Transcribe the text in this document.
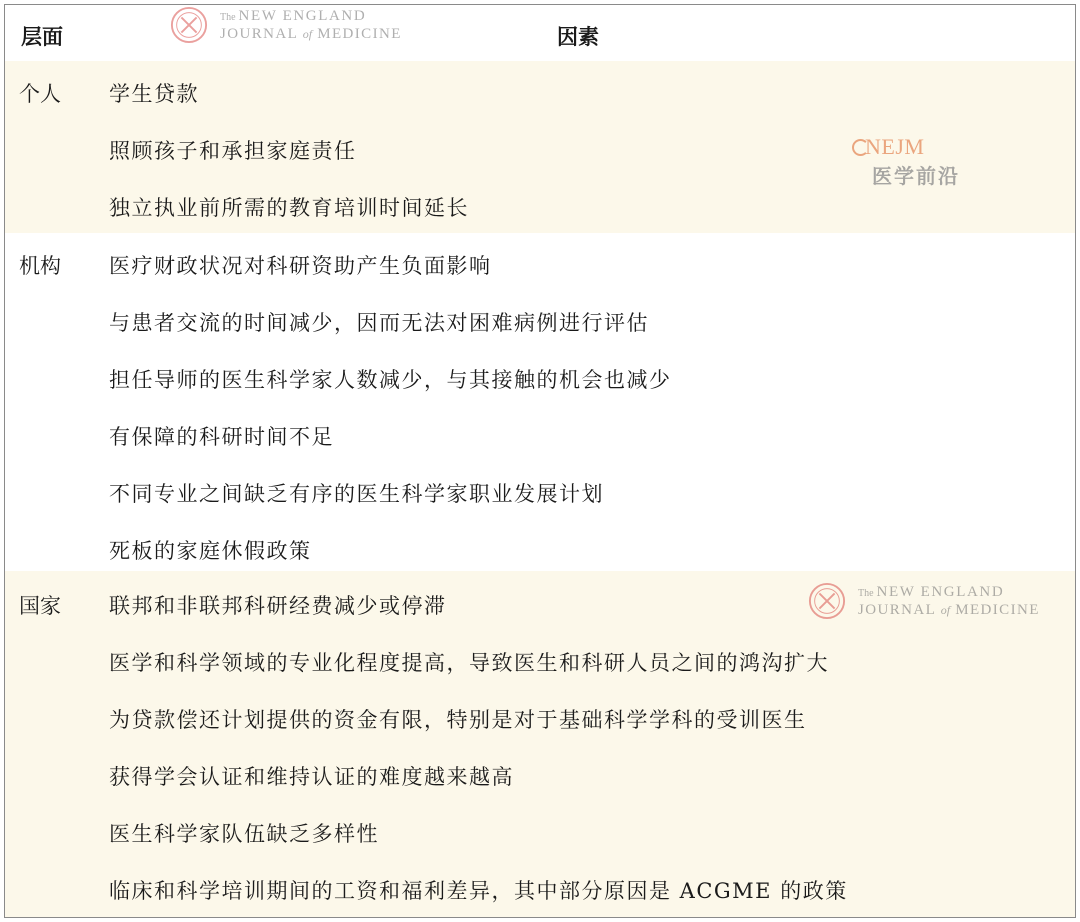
层面	因素
个人 学生贷款
照顾孩子和承担家庭责任
独立执业前所需的教育培训时间延长
机构 医疗财政状况对科研资助产生负面影响
与患者交流的时间减少，因而无法对困难病例进行评估
担任导师的医生科学家人数减少，与其接触的机会也减少
有保障的科研时间不足
不同专业之间缺乏有序的医生科学家职业发展计划
死板的家庭休假政策
国家 联邦和非联邦科研经费减少或停滞
医学和科学领域的专业化程度提高，导致医生和科研人员之间的鸿沟扩大
为贷款偿还计划提供的资金有限，特别是对于基础科学学科的受训医生
获得学会认证和维持认证的难度越来越高
医生科学家队伍缺乏多样性
临床和科学培训期间的工资和福利差异，其中部分原因是 ACGME 的政策
The NEW ENGLAND
JOURNAL of MEDICINE
The NEW ENGLAND
JOURNAL of MEDICINE
NEJM
医学前沿
